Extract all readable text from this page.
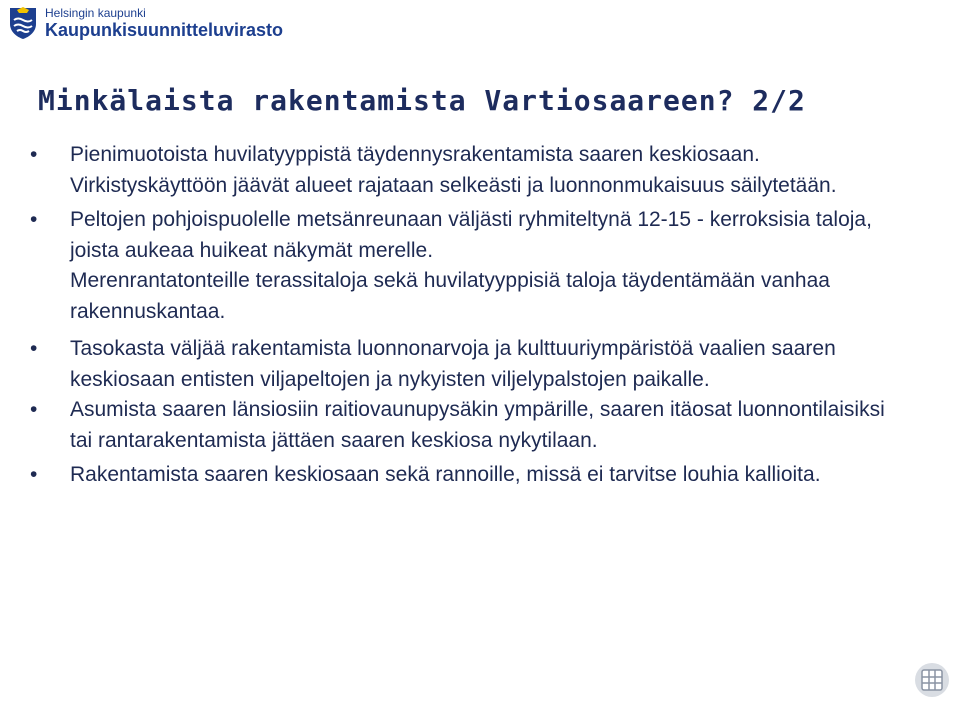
Helsingin kaupunki
Kaupunkisuunnitteluvirasto
Minkälaista rakentamista Vartiosaareen? 2/2
• Pienimuotoista huvilatyyppistä täydennysrakentamista saaren keskiosaan.
Virkistyskäyttöön jäävät alueet rajataan selkeästi ja luonnonmukaisuus säilytetään.
• Peltojen pohjoispuolelle metsänreunaan väljästi ryhmiteltynä 12-15 - kerroksisia taloja, joista aukeaa huikeat näkymät merelle.
Merenrantatonteille terassitaloja sekä huvilatyyppisiä taloja täydentämään vanhaa rakennuskantaa.
• Tasokasta väljää rakentamista luonnonarvoja ja kulttuuriympäristöä vaalien saaren keskiosaan entisten viljapeltojen ja nykyisten viljelypalstojen paikalle.
• Asumista saaren länsiosiin raitiovaunupysäkin ympärille, saaren itäosat luonnontilaisiksi tai rantarakentamista jättäen saaren keskiosa nykytilaan.
• Rakentamista saaren keskiosaan sekä rannoille, missä ei tarvitse louhia kallioita.
